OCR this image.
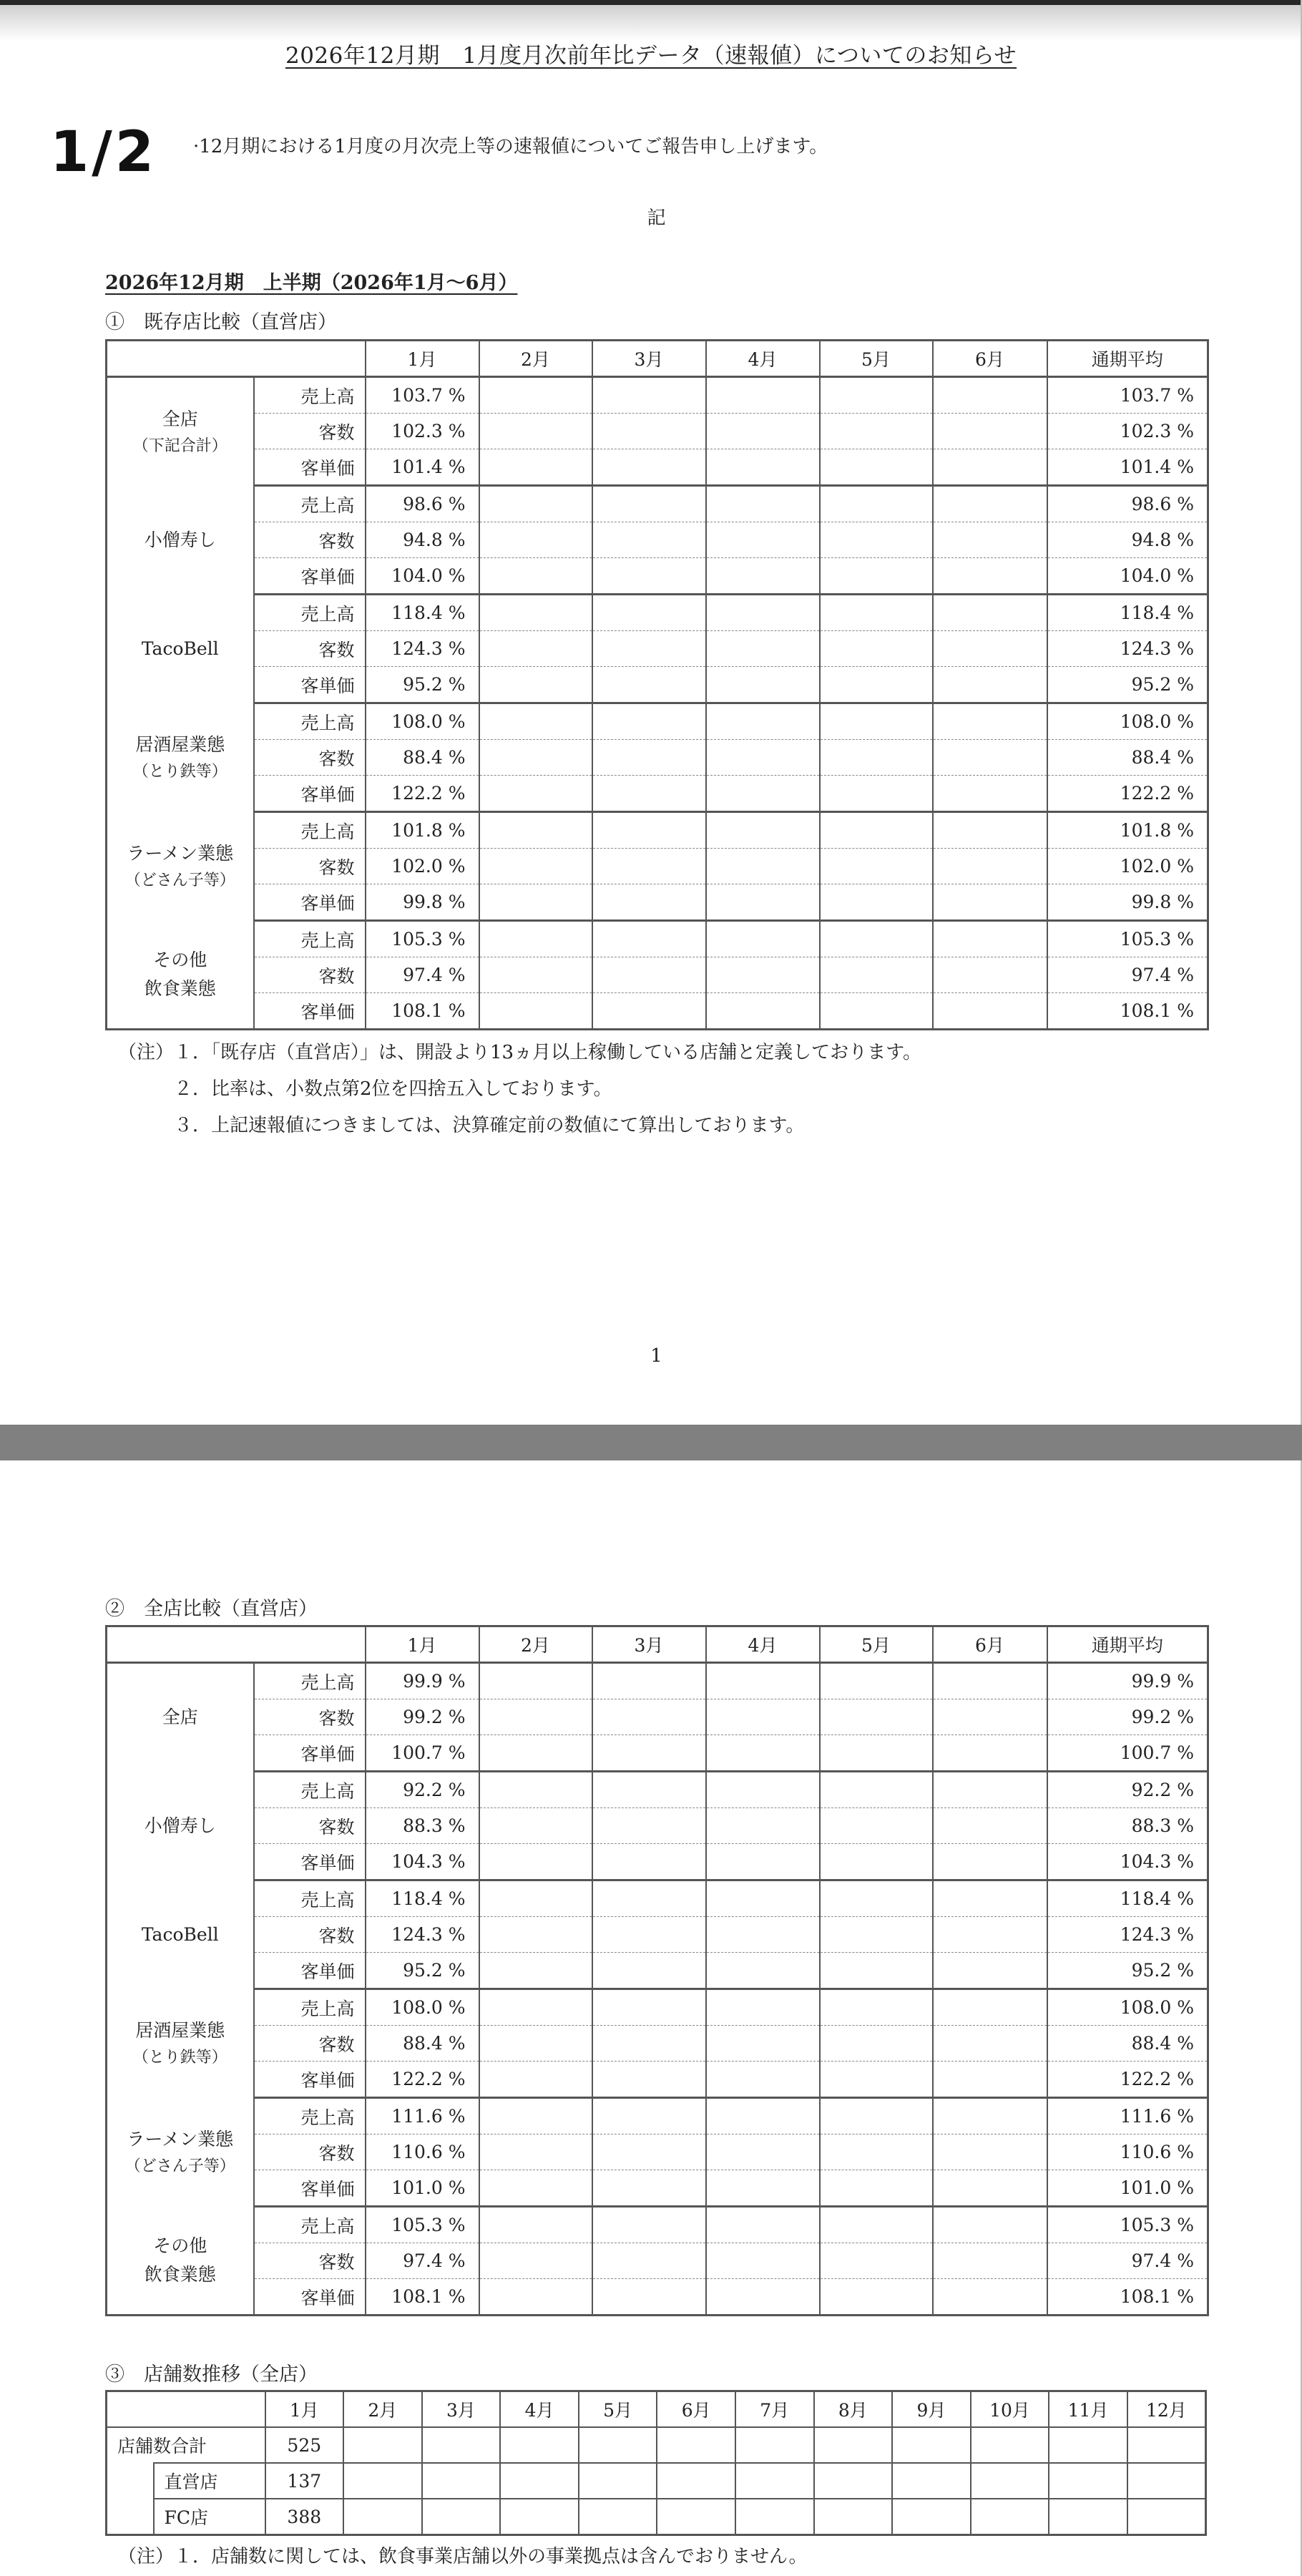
2026年12月期　1月度月次前年比データ（速報値）についてのお知らせ
1/2 ·12月期における1月度の月次売上等の速報値についてご報告申し上げます。
記
2026年12月期　上半期（2026年1月～6月）
①　既存店比較（直営店）
		1月	2月	3月	4月	5月	6月	通期平均
全店

（下記合計）	売上高	103.7 %						103.7 %
	客数	102.3 %						102.3 %
	客単価	101.4 %						101.4 %
小僧寿し	売上高	98.6 %						98.6 %
	客数	94.8 %						94.8 %
	客単価	104.0 %						104.0 %
TacoBell	売上高	118.4 %						118.4 %
	客数	124.3 %						124.3 %
	客単価	95.2 %						95.2 %
居酒屋業態

（とり鉄等）	売上高	108.0 %						108.0 %
	客数	88.4 %						88.4 %
	客単価	122.2 %						122.2 %
ラーメン業態

（どさん子等）	売上高	101.8 %						101.8 %
	客数	102.0 %						102.0 %
	客単価	99.8 %						99.8 %
その他
飲食業態	売上高	105.3 %						105.3 %
	客数	97.4 %						97.4 %
	客単価	108.1 %						108.1 %
（注）１．「既存店（直営店）」は、開設より13ヵ月以上稼働している店舗と定義しております。
　　　２．比率は、小数点第2位を四捨五入しております。
　　　３．上記速報値につきましては、決算確定前の数値にて算出しております。
1
②　全店比較（直営店）
		1月	2月	3月	4月	5月	6月	通期平均
全店	売上高	99.9 %						99.9 %
	客数	99.2 %						99.2 %
	客単価	100.7 %						100.7 %
小僧寿し	売上高	92.2 %						92.2 %
	客数	88.3 %						88.3 %
	客単価	104.3 %						104.3 %
TacoBell	売上高	118.4 %						118.4 %
	客数	124.3 %						124.3 %
	客単価	95.2 %						95.2 %
居酒屋業態

（とり鉄等）	売上高	108.0 %						108.0 %
	客数	88.4 %						88.4 %
	客単価	122.2 %						122.2 %
ラーメン業態

（どさん子等）	売上高	111.6 %						111.6 %
	客数	110.6 %						110.6 %
	客単価	101.0 %						101.0 %
その他
飲食業態	売上高	105.3 %						105.3 %
	客数	97.4 %						97.4 %
	客単価	108.1 %						108.1 %
③　店舗数推移（全店）
		1月	2月	3月	4月	5月	6月	7月	8月	9月	10月	11月	12月
店舗数合計		525											
	直営店	137											
	FC店	388											
（注）１．店舗数に関しては、飲食事業店舗以外の事業拠点は含んでおりません。
